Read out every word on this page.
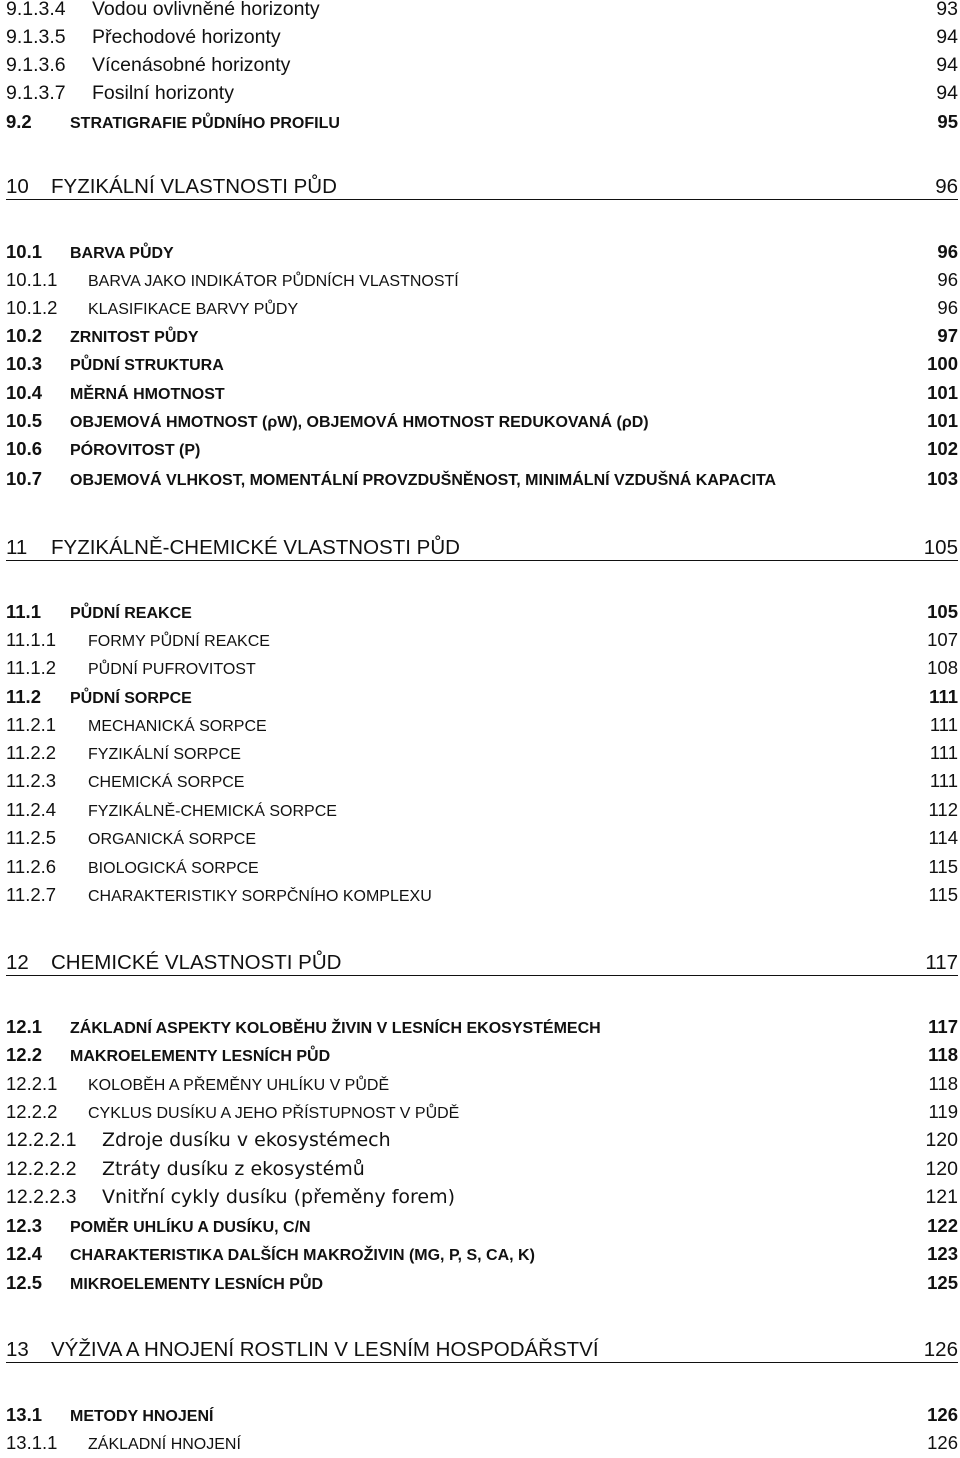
9.1.3.4	Vodou ovlivněné horizonty	93
9.1.3.5	Přechodové horizonty	94
9.1.3.6	Vícenásobné horizonty	94
9.1.3.7	Fosilní horizonty	94
9.2	STRATIGRAFIE PŮDNÍHO PROFILU	95
10	FYZIKÁLNÍ VLASTNOSTI PŮD	96
10.1	BARVA PŮDY	96
10.1.1	BARVA JAKO INDIKÁTOR PŮDNÍCH VLASTNOSTÍ	96
10.1.2	KLASIFIKACE BARVY PŮDY	96
10.2	ZRNITOST PŮDY	97
10.3	PŮDNÍ STRUKTURA	100
10.4	MĚRNÁ HMOTNOST	101
10.5	OBJEMOVÁ HMOTNOST (ρW), OBJEMOVÁ HMOTNOST REDUKOVANÁ (ρD)	101
10.6	PÓROVITOST (P)	102
10.7	OBJEMOVÁ VLHKOST, MOMENTÁLNÍ PROVZDUŠNĚNOST, MINIMÁLNÍ VZDUŠNÁ KAPACITA	103
11	FYZIKÁLNĚ-CHEMICKÉ VLASTNOSTI PŮD	105
11.1	PŮDNÍ REAKCE	105
11.1.1	FORMY PŮDNÍ REAKCE	107
11.1.2	PŮDNÍ PUFROVITOST	108
11.2	PŮDNÍ SORPCE	111
11.2.1	MECHANICKÁ SORPCE	111
11.2.2	FYZIKÁLNÍ SORPCE	111
11.2.3	CHEMICKÁ SORPCE	111
11.2.4	FYZIKÁLNĚ-CHEMICKÁ SORPCE	112
11.2.5	ORGANICKÁ SORPCE	114
11.2.6	BIOLOGICKÁ SORPCE	115
11.2.7	CHARAKTERISTIKY SORPČNÍHO KOMPLEXU	115
12	CHEMICKÉ VLASTNOSTI PŮD	117
12.1	ZÁKLADNÍ ASPEKTY KOLOBĚHU ŽIVIN V LESNÍCH EKOSYSTÉMECH	117
12.2	MAKROELEMENTY LESNÍCH PŮD	118
12.2.1	KOLOBĚH A PŘEMĚNY UHLÍKU V PŮDĚ	118
12.2.2	CYKLUS DUSÍKU A JEHO PŘÍSTUPNOST V PŮDĚ	119
12.2.2.1	Zdroje dusíku v ekosystémech	120
12.2.2.2	Ztráty dusíku z ekosystémů	120
12.2.2.3	Vnitřní cykly dusíku (přeměny forem)	121
12.3	POMĚR UHLÍKU A DUSÍKU, C/N	122
12.4	CHARAKTERISTIKA DALŠÍCH MAKROŽIVIN (MG, P, S, CA, K)	123
12.5	MIKROELEMENTY LESNÍCH PŮD	125
13	VÝŽIVA A HNOJENÍ ROSTLIN V LESNÍM HOSPODÁŘSTVÍ	126
13.1	METODY HNOJENÍ	126
13.1.1	ZÁKLADNÍ HNOJENÍ	126
